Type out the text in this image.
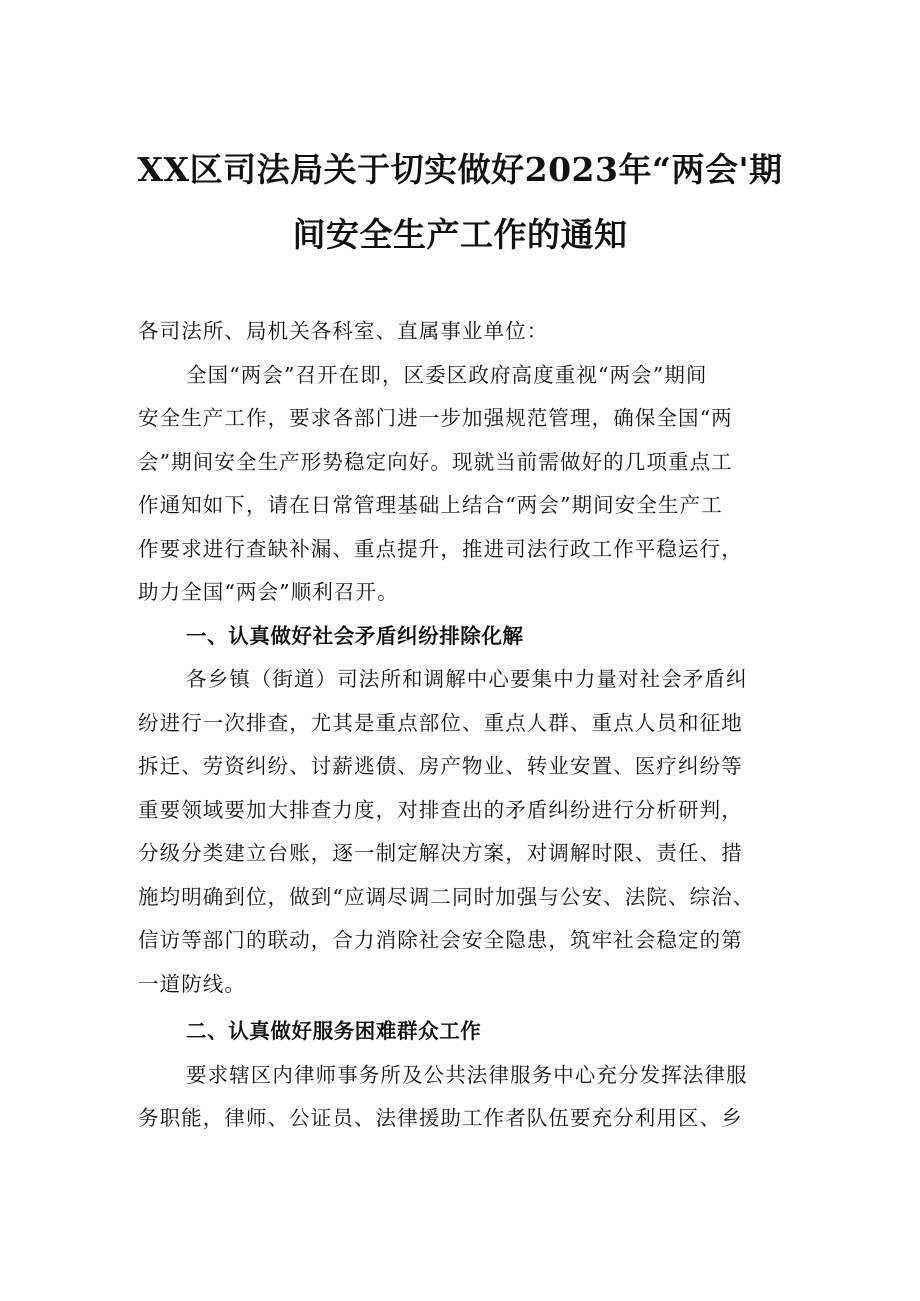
XX区司法局关于切实做好2023年“两会'期
间安全生产工作的通知
各司法所、局机关各科室、直属事业单位：
全国“两会”召开在即，区委区政府高度重视“两会”期间
安全生产工作，要求各部门进一步加强规范管理，确保全国“两
会”期间安全生产形势稳定向好。现就当前需做好的几项重点工
作通知如下，请在日常管理基础上结合“两会”期间安全生产工
作要求进行查缺补漏、重点提升，推进司法行政工作平稳运行，
助力全国“两会”顺利召开。
一、认真做好社会矛盾纠纷排除化解
各乡镇（街道）司法所和调解中心要集中力量对社会矛盾纠
纷进行一次排查，尤其是重点部位、重点人群、重点人员和征地
拆迁、劳资纠纷、讨薪逃债、房产物业、转业安置、医疗纠纷等
重要领域要加大排查力度，对排查出的矛盾纠纷进行分析研判，
分级分类建立台账，逐一制定解决方案，对调解时限、责任、措
施均明确到位，做到“应调尽调二同时加强与公安、法院、综治、
信访等部门的联动，合力消除社会安全隐患，筑牢社会稳定的第
一道防线。
二、认真做好服务困难群众工作
要求辖区内律师事务所及公共法律服务中心充分发挥法律服
务职能，律师、公证员、法律援助工作者队伍要充分利用区、乡
